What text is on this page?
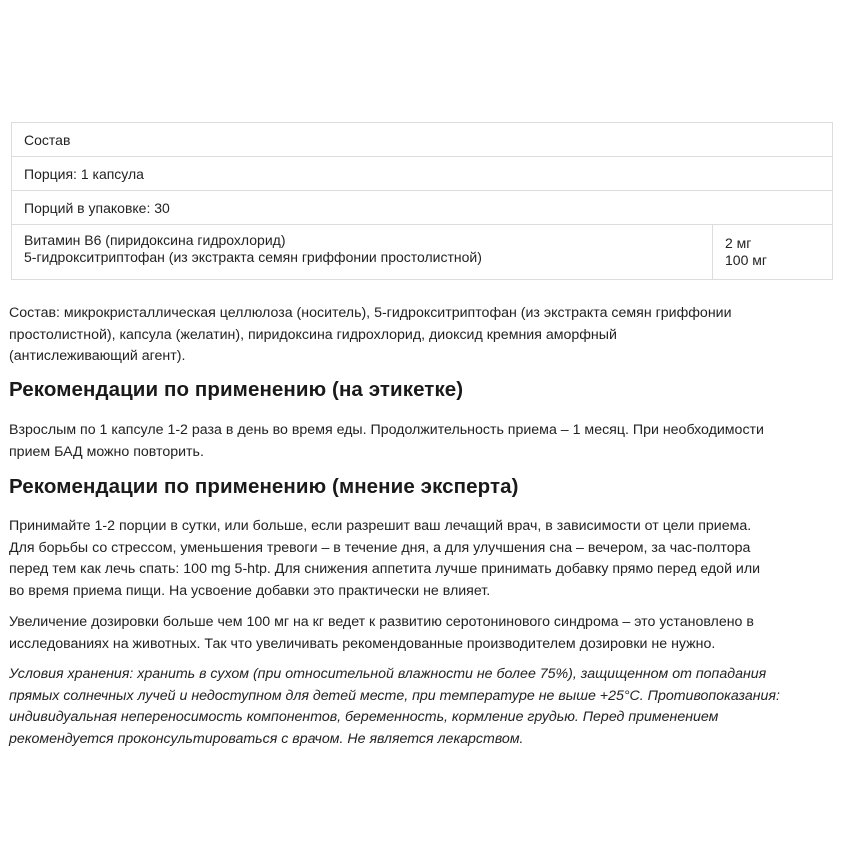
Состав
Порция: 1 капсула
Порций в упаковке: 30
Витамин B6 (пиридоксина гидрохлорид)
5-гидрокситриптофан (из экстракта семян гриффонии простолистной)
2 мг
100 мг
Состав: микрокристаллическая целлюлоза (носитель), 5-гидрокситриптофан (из экстракта семян гриффонии
простолистной), капсула (желатин), пиридоксина гидрохлорид, диоксид кремния аморфный
(антислеживающий агент).
Рекомендации по применению (на этикетке)
Взрослым по 1 капсуле 1-2 раза в день во время еды. Продолжительность приема – 1 месяц. При необходимости
прием БАД можно повторить.
Рекомендации по применению (мнение эксперта)
Принимайте 1-2 порции в сутки, или больше, если разрешит ваш лечащий врач, в зависимости от цели приема.
Для борьбы со стрессом, уменьшения тревоги – в течение дня, а для улучшения сна – вечером, за час-полтора
перед тем как лечь спать: 100 mg 5-htp. Для снижения аппетита лучше принимать добавку прямо перед едой или
во время приема пищи. На усвоение добавки это практически не влияет.
Увеличение дозировки больше чем 100 мг на кг ведет к развитию серотонинового синдрома – это установлено в
исследованиях на животных. Так что увеличивать рекомендованные производителем дозировки не нужно.
Условия хранения: хранить в сухом (при относительной влажности не более 75%), защищенном от попадания
прямых солнечных лучей и недоступном для детей месте, при температуре не выше +25°С. Противопоказания:
индивидуальная непереносимость компонентов, беременность, кормление грудью. Перед применением
рекомендуется проконсультироваться с врачом. Не является лекарством.
